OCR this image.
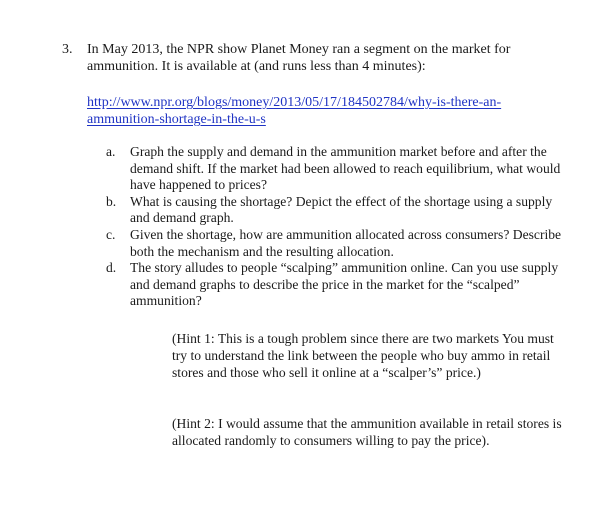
3. In May 2013, the NPR show Planet Money ran a segment on the market for ammunition. It is available at (and runs less than 4 minutes):
http://www.npr.org/blogs/money/2013/05/17/184502784/why-is-there-an-ammunition-shortage-in-the-u-s
a.	Graph the supply and demand in the ammunition market before and after the demand shift. If the market had been allowed to reach equilibrium, what would have happened to prices?
b.	What is causing the shortage? Depict the effect of the shortage using a supply and demand graph.
c.	Given the shortage, how are ammunition allocated across consumers? Describe both the mechanism and the resulting allocation.
d.	The story alludes to people “scalping” ammunition online. Can you use supply and demand graphs to describe the price in the market for the “scalped” ammunition?
(Hint 1: This is a tough problem since there are two markets You must try to understand the link between the people who buy ammo in retail stores and those who sell it online at a “scalper’s” price.)
(Hint 2: I would assume that the ammunition available in retail stores is allocated randomly to consumers willing to pay the price).
